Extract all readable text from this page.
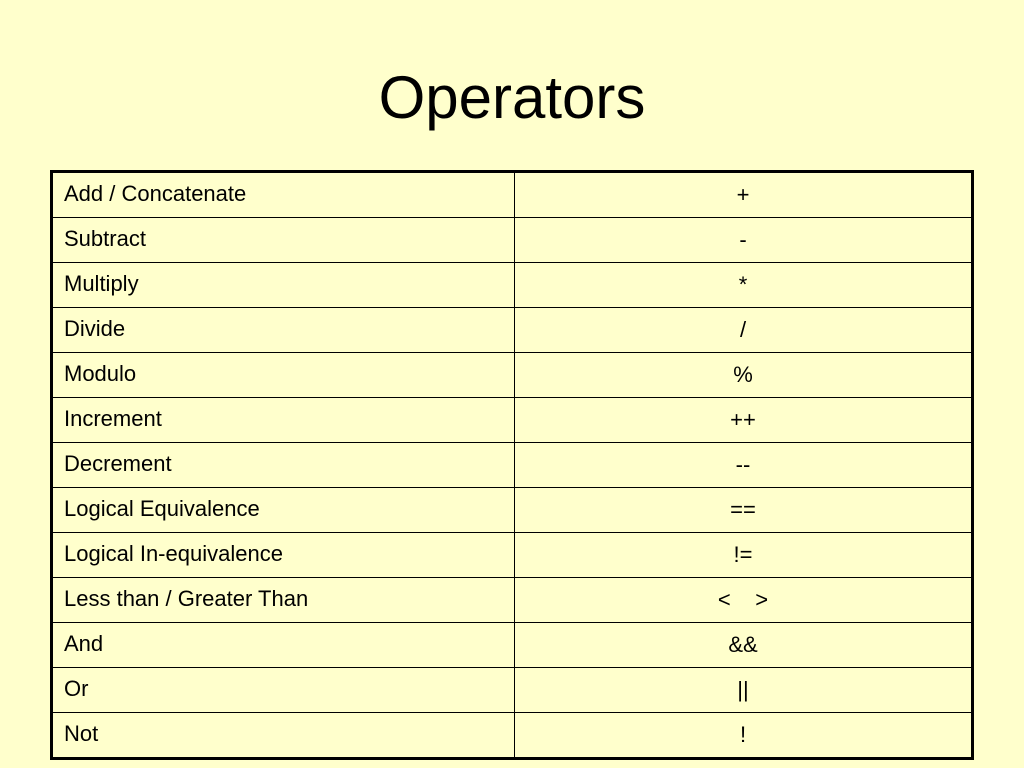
Operators
Add / Concatenate	+
Subtract	-
Multiply	*
Divide	/
Modulo	%
Increment	++
Decrement	--
Logical Equivalence	==
Logical In-equivalence	!=
Less than / Greater Than	<    >
And	&&
Or	||
Not	!
